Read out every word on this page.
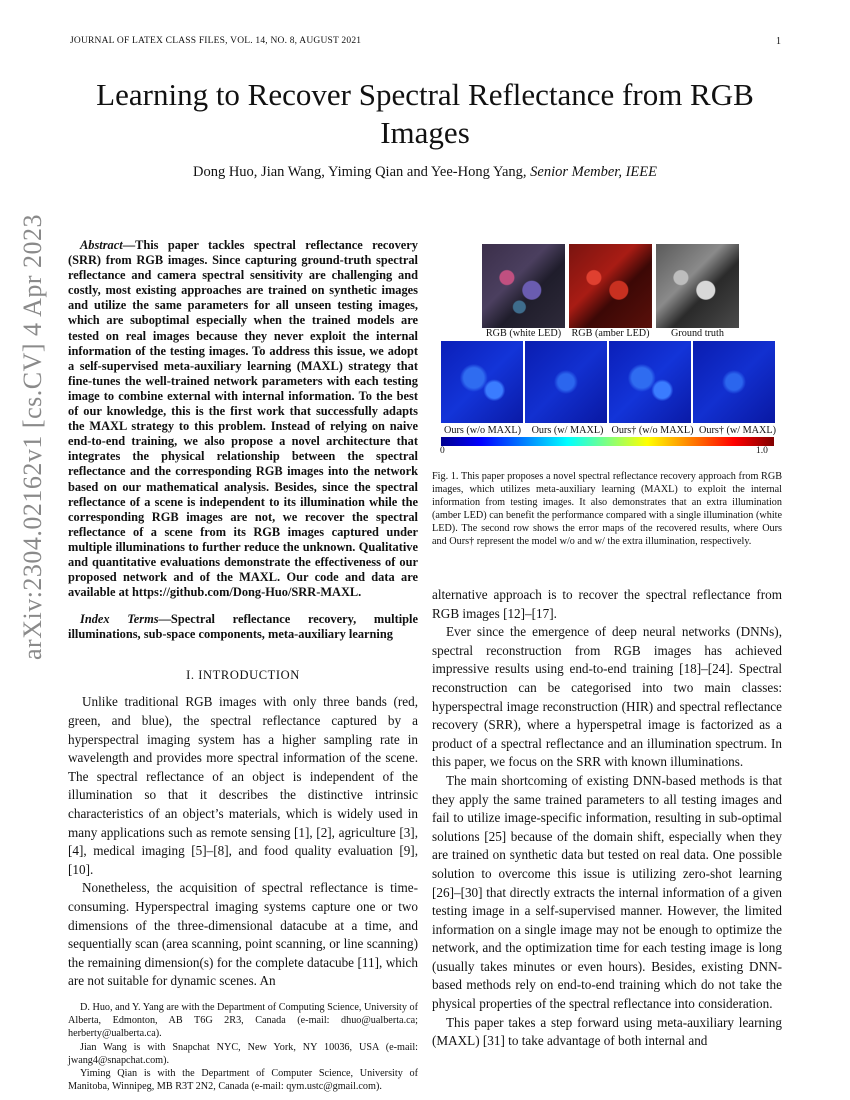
JOURNAL OF LATEX CLASS FILES, VOL. 14, NO. 8, AUGUST 2021	1
arXiv:2304.02162v1 [cs.CV] 4 Apr 2023
Learning to Recover Spectral Reflectance from RGB Images
Dong Huo, Jian Wang, Yiming Qian and Yee-Hong Yang, Senior Member, IEEE

Abstract—This paper tackles spectral reflectance recovery (SRR) from RGB images. Since capturing ground-truth spectral reflectance and camera spectral sensitivity are challenging and costly, most existing approaches are trained on synthetic images and utilize the same parameters for all unseen testing images, which are suboptimal especially when the trained models are tested on real images because they never exploit the internal information of the testing images. To address this issue, we adopt a self-supervised meta-auxiliary learning (MAXL) strategy that fine-tunes the well-trained network parameters with each testing image to combine external with internal information. To the best of our knowledge, this is the first work that successfully adapts the MAXL strategy to this problem. Instead of relying on naive end-to-end training, we also propose a novel architecture that integrates the physical relationship between the spectral reflectance and the corresponding RGB images into the network based on our mathematical analysis. Besides, since the spectral reflectance of a scene is independent to its illumination while the corresponding RGB images are not, we recover the spectral reflectance of a scene from its RGB images captured under multiple illuminations to further reduce the unknown. Qualitative and quantitative evaluations demonstrate the effectiveness of our proposed network and of the MAXL. Our code and data are available at https://github.com/Dong-Huo/SRR-MAXL.

Index Terms—Spectral reflectance recovery, multiple illuminations, sub-space components, meta-auxiliary learning

I. INTRODUCTION

Unlike traditional RGB images with only three bands (red, green, and blue), the spectral reflectance captured by a hyperspectral imaging system has a higher sampling rate in wavelength and provides more spectral information of the scene. The spectral reflectance of an object is independent of the illumination so that it describes the distinctive intrinsic characteristics of an object’s materials, which is widely used in many applications such as remote sensing [1], [2], agriculture [3], [4], medical imaging [5]–[8], and food quality evaluation [9], [10].

Nonetheless, the acquisition of spectral reflectance is time-consuming. Hyperspectral imaging systems capture one or two dimensions of the three-dimensional datacube at a time, and sequentially scan (area scanning, point scanning, or line scanning) the remaining dimension(s) for the complete datacube [11], which are not suitable for dynamic scenes. An

D. Huo, and Y. Yang are with the Department of Computing Science, University of Alberta, Edmonton, AB T6G 2R3, Canada (e-mail: dhuo@ualberta.ca; herberty@ualberta.ca).

Jian Wang is with Snapchat NYC, New York, NY 10036, USA (e-mail: jwang4@snapchat.com).

Yiming Qian is with the Department of Computer Science, University of Manitoba, Winnipeg, MB R3T 2N2, Canada (e-mail: qym.ustc@gmail.com).

RGB (white LED)	RGB (amber LED)	Ground truth
Ours (w/o MAXL)	Ours (w/ MAXL) Ours† (w/o MAXL) Ours† (w/ MAXL)
0	1.0
Fig. 1. This paper proposes a novel spectral reflectance recovery approach from RGB images, which utilizes meta-auxiliary learning (MAXL) to exploit the internal information from testing images. It also demonstrates that an extra illumination (amber LED) can benefit the performance compared with a single illumination (white LED). The second row shows the error maps of the recovered results, where Ours and Ours† represent the model w/o and w/ the extra illumination, respectively.

alternative approach is to recover the spectral reflectance from RGB images [12]–[17].

Ever since the emergence of deep neural networks (DNNs), spectral reconstruction from RGB images has achieved impressive results using end-to-end training [18]–[24]. Spectral reconstruction can be categorised into two main classes: hyperspectral image reconstruction (HIR) and spectral reflectance recovery (SRR), where a hyperspetral image is factorized as a product of a spectral reflectance and an illumination spectrum. In this paper, we focus on the SRR with known illuminations.

The main shortcoming of existing DNN-based methods is that they apply the same trained parameters to all testing images and fail to utilize image-specific information, resulting in sub-optimal solutions [25] because of the domain shift, especially when they are trained on synthetic data but tested on real data. One possible solution to overcome this issue is utilizing zero-shot learning [26]–[30] that directly extracts the internal information of a given testing image in a self-supervised manner. However, the limited information on a single image may not be enough to optimize the network, and the optimization time for each testing image is long (usually takes minutes or even hours). Besides, existing DNN-based methods rely on end-to-end training which do not take the physical properties of the spectral reflectance into consideration.

This paper takes a step forward using meta-auxiliary learning (MAXL) [31] to take advantage of both internal and
